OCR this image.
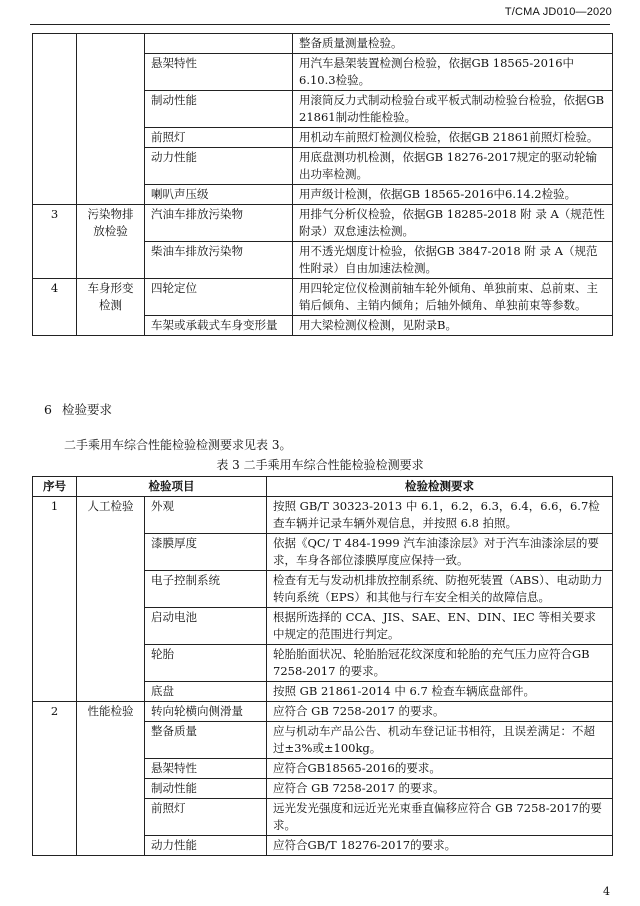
T/CMA JD010—2020
			整备质量测量检验。
		悬架特性	用汽车悬架装置检测台检验，依据GB 18565-2016中6.10.3检验。
		制动性能	用滚筒反力式制动检验台或平板式制动检验台检验，依据GB 21861制动性能检验。
		前照灯	用机动车前照灯检测仪检验，依据GB 21861前照灯检验。
		动力性能	用底盘测功机检测，依据GB 18276-2017规定的驱动轮输出功率检测。
		喇叭声压级	用声级计检测，依据GB 18565-2016中6.14.2检验。
3	污染物排放检验	汽油车排放污染物	用排气分析仪检验，依据GB 18285-2018 附 录 A（规范性附录）双怠速法检测。
		柴油车排放污染物	用不透光烟度计检验，依据GB 3847-2018 附 录 A（规范性附录）自由加速法检测。
4	车身形变检测	四轮定位	用四轮定位仪检测前轴车轮外倾角、单独前束、总前束、主销后倾角、主销内倾角；后轴外倾角、单独前束等参数。
		车架或承载式车身变形量	用大梁检测仪检测，见附录B。
6 检验要求
二手乘用车综合性能检验检测要求见表 3。
表 3 二手乘用车综合性能检验检测要求
序号	检验项目		检验检测要求
1	人工检验	外观	按照 GB/T 30323-2013 中 6.1，6.2，6.3，6.4，6.6，6.7检查车辆并记录车辆外观信息，并按照 6.8 拍照。
		漆膜厚度	依据《QC/ T 484-1999 汽车油漆涂层》对于汽车油漆涂层的要求，车身各部位漆膜厚度应保持一致。
		电子控制系统	检查有无与发动机排放控制系统、防抱死装置（ABS）、电动助力转向系统（EPS）和其他与行车安全相关的故障信息。
		启动电池	根据所选择的 CCA、JIS、SAE、EN、DIN、IEC 等相关要求中规定的范围进行判定。
		轮胎	轮胎胎面状况、轮胎胎冠花纹深度和轮胎的充气压力应符合GB 7258-2017 的要求。
		底盘	按照 GB 21861-2014 中 6.7 检查车辆底盘部件。
2	性能检验	转向轮横向侧滑量	应符合 GB 7258-2017 的要求。
		整备质量	应与机动车产品公告、机动车登记证书相符，且误差满足：不超过±3%或±100kg。
		悬架特性	应符合GB18565-2016的要求。
		制动性能	应符合 GB 7258-2017 的要求。
		前照灯	远光发光强度和远近光光束垂直偏移应符合 GB 7258-2017的要求。
		动力性能	应符合GB/T 18276-2017的要求。
4
